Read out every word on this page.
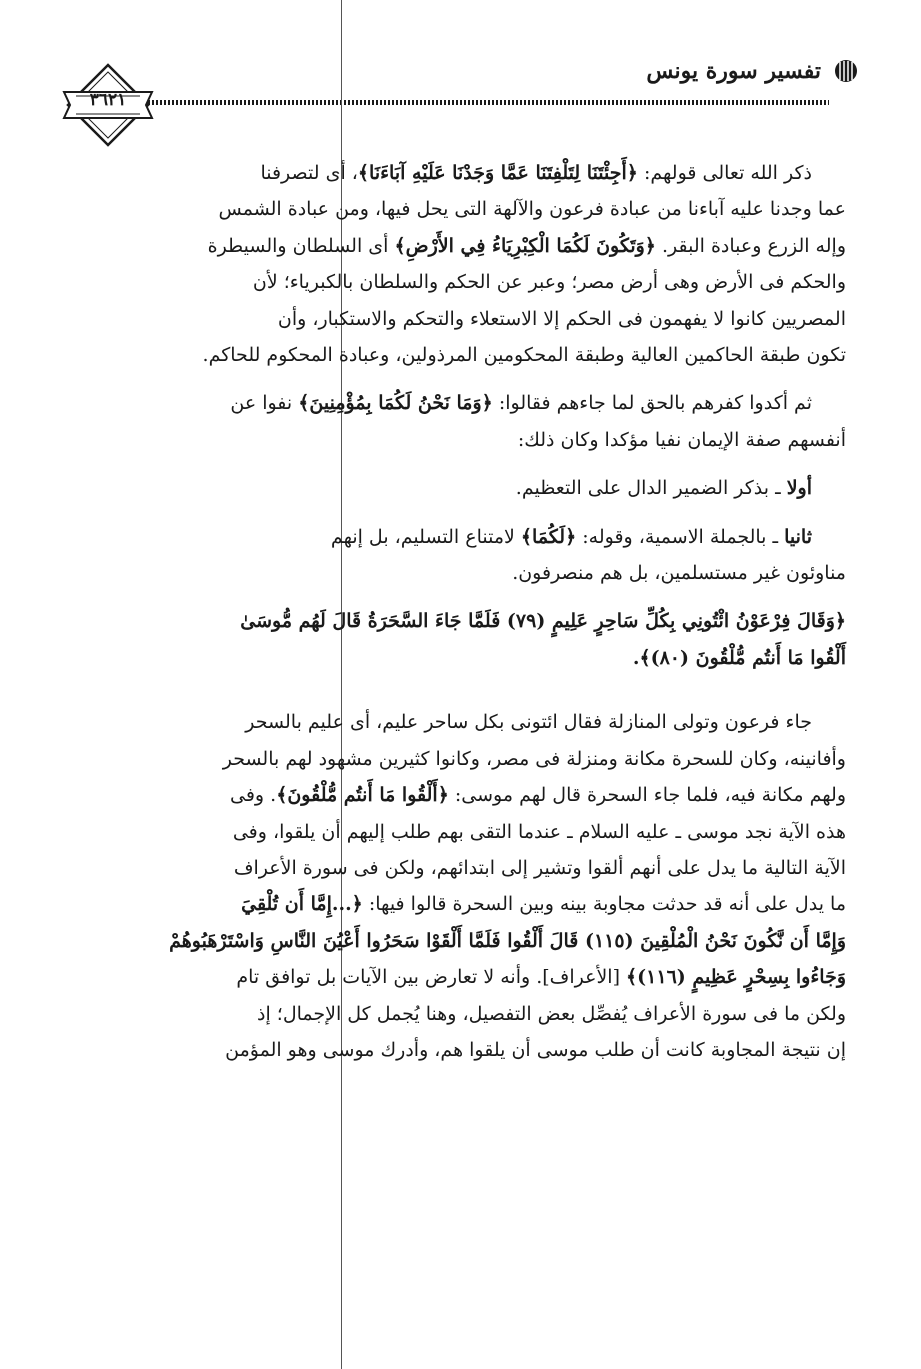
تفسير سورة يونس
٣٦٢١

ذكر الله تعالى قولهم: ﴿أَجِئْتَنَا لِتَلْفِتَنَا عَمَّا وَجَدْنَا عَلَيْهِ آبَاءَنَا﴾، أى لتصرفنا

عما وجدنا عليه آباءنا من عبادة فرعون والآلهة التى يحل فيها، ومن عبادة الشمس

وإله الزرع وعبادة البقر. ﴿وَتَكُونَ لَكُمَا الْكِبْرِيَاءُ فِي الأَرْضِ﴾ أى السلطان والسيطرة

والحكم فى الأرض وهى أرض مصر؛ وعبر عن الحكم والسلطان بالكبرياء؛ لأن

المصريين كانوا لا يفهمون فى الحكم إلا الاستعلاء والتحكم والاستكبار، وأن

تكون طبقة الحاكمين العالية وطبقة المحكومين المرذولين، وعبادة المحكوم للحاكم.

ثم أكدوا كفرهم بالحق لما جاءهم فقالوا: ﴿وَمَا نَحْنُ لَكُمَا بِمُؤْمِنِينَ﴾ نفوا عن

أنفسهم صفة الإيمان نفيا مؤكدا وكان ذلك:

أولا ـ بذكر الضمير الدال على التعظيم.

ثانيا ـ بالجملة الاسمية، وقوله: ﴿لَكُمَا﴾ لامتناع التسليم، بل إنهم

مناوئون غير مستسلمين، بل هم منصرفون.

﴿وَقَالَ فِرْعَوْنُ ائْتُونِي بِكُلِّ سَاحِرٍ عَلِيمٍ (٧٩) فَلَمَّا جَاءَ السَّحَرَةُ قَالَ لَهُم مُّوسَىٰ

أَلْقُوا مَا أَنتُم مُّلْقُونَ (٨٠)﴾.

جاء فرعون وتولى المنازلة فقال ائتونى بكل ساحر عليم، أى عليم بالسحر

وأفانينه، وكان للسحرة مكانة ومنزلة فى مصر، وكانوا كثيرين مشهود لهم بالسحر

ولهم مكانة فيه، فلما جاء السحرة قال لهم موسى: ﴿أَلْقُوا مَا أَنتُم مُّلْقُونَ﴾. وفى

هذه الآية نجد موسى ـ عليه السلام ـ عندما التقى بهم طلب إليهم أن يلقوا، وفى

الآية التالية ما يدل على أنهم ألقوا وتشير إلى ابتدائهم، ولكن فى سورة الأعراف

ما يدل على أنه قد حدثت مجاوبة بينه وبين السحرة قالوا فيها: ﴿...إِمَّا أَن تُلْقِيَ

وَإِمَّا أَن نَّكُونَ نَحْنُ الْمُلْقِينَ (١١٥) قَالَ أَلْقُوا فَلَمَّا أَلْقَوْا سَحَرُوا أَعْيُنَ النَّاسِ وَاسْتَرْهَبُوهُمْ

وَجَاءُوا بِسِحْرٍ عَظِيمٍ (١١٦)﴾ [الأعراف]. وأنه لا تعارض بين الآيات بل توافق تام

ولكن ما فى سورة الأعراف يُفصِّل بعض التفصيل، وهنا يُجمل كل الإجمال؛ إذ

إن نتيجة المجاوبة كانت أن طلب موسى أن يلقوا هم، وأدرك موسى وهو المؤمن
